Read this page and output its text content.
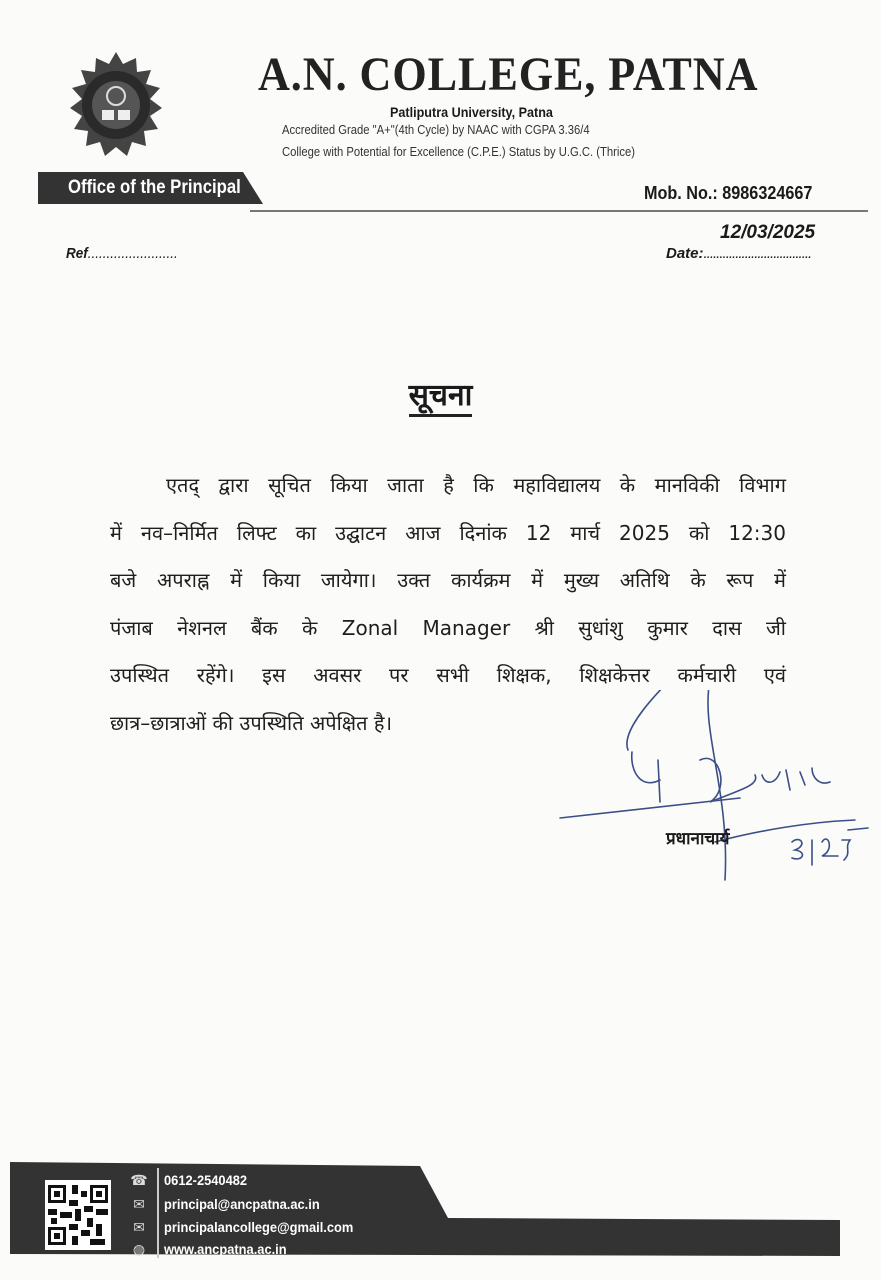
A.N. COLLEGE, PATNA
Patliputra University, Patna
Accredited Grade "A+"(4th Cycle) by NAAC with CGPA 3.36/4
College with Potential for Excellence (C.P.E.) Status by U.G.C. (Thrice)
Office of the Principal	Mob. No.: 8986324667
Ref........................	Date:..................................
12/03/2025
सूचना
एतद् द्वारा सूचित किया जाता है कि महाविद्यालय के मानविकी विभाग
में नव–निर्मित लिफ्ट का उद्घाटन आज दिनांक 12 मार्च 2025 को 12:30
बजे अपराह्न में किया जायेगा। उक्त कार्यक्रम में मुख्य अतिथि के रूप में
पंजाब नेशनल बैंक के Zonal Manager श्री सुधांशु कुमार दास जी
उपस्थित रहेंगे। इस अवसर पर सभी शिक्षक, शिक्षकेत्तर कर्मचारी एवं
छात्र–छात्राओं की उपस्थिति अपेक्षित है।
प्रधानाचार्य
☎ 0612-2540482
✉ principal@ancpatna.ac.in
✉ principalancollege@gmail.com
◍ www.ancpatna.ac.in
